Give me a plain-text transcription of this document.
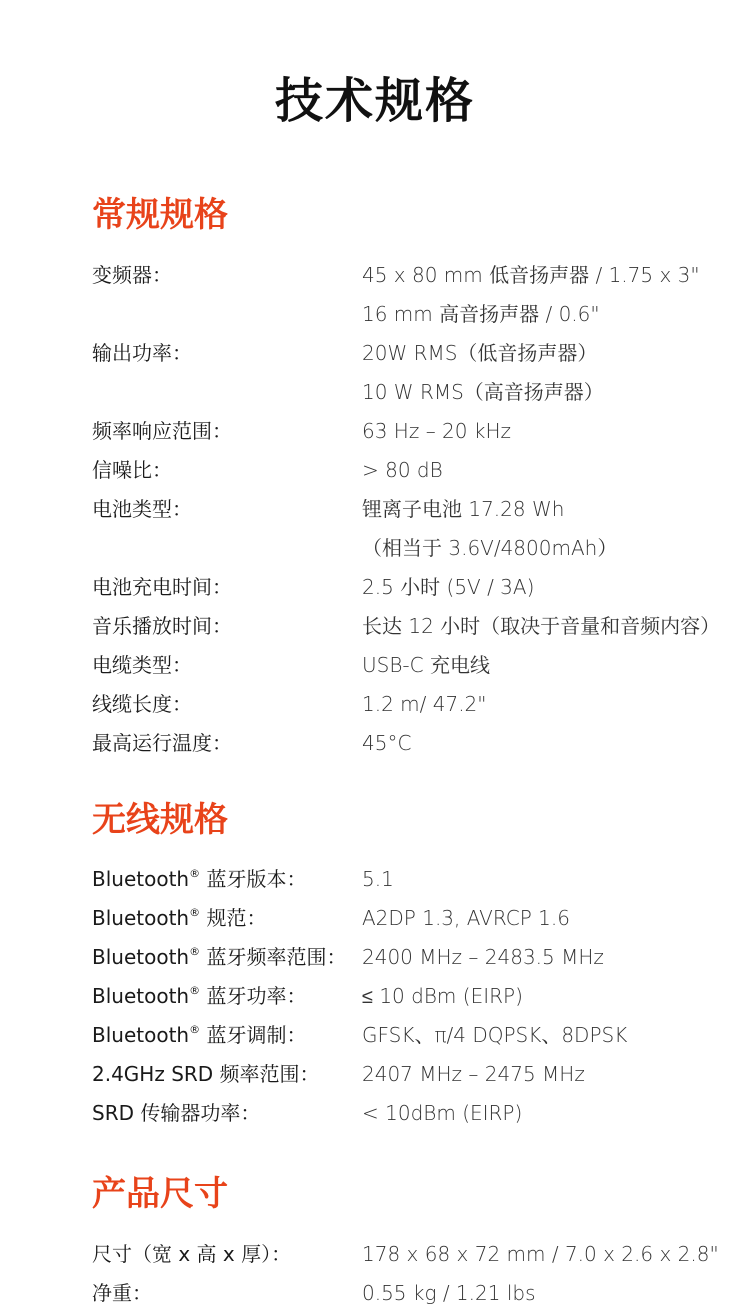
技术规格
常规规格
变频器：	45 x 80 mm 低音扬声器 / 1.75 x 3"
16 mm 高音扬声器 / 0.6"
输出功率：	20W RMS（低音扬声器）
10 W RMS（高音扬声器）
频率响应范围：	63 Hz – 20 kHz
信噪比：	> 80 dB
电池类型：	锂离子电池 17.28 Wh
（相当于 3.6V/4800mAh）
电池充电时间：	2.5 小时 (5V / 3A)
音乐播放时间：	长达 12 小时（取决于音量和音频内容）
电缆类型：	USB-C 充电线
线缆长度：	1.2 m/ 47.2"
最高运行温度：	45°C
无线规格
Bluetooth® 蓝牙版本：	5.1
Bluetooth® 规范：	A2DP 1.3, AVRCP 1.6
Bluetooth® 蓝牙频率范围： 2400 MHz – 2483.5 MHz
Bluetooth® 蓝牙功率：	≤ 10 dBm (EIRP)
Bluetooth® 蓝牙调制：	GFSK、π/4 DQPSK、8DPSK
2.4GHz SRD 频率范围：	2407 MHz – 2475 MHz
SRD 传输器功率：	< 10dBm (EIRP)
产品尺寸
尺寸（宽 x 高 x 厚）：	178 x 68 x 72 mm / 7.0 x 2.6 x 2.8"
净重：	0.55 kg / 1.21 lbs
